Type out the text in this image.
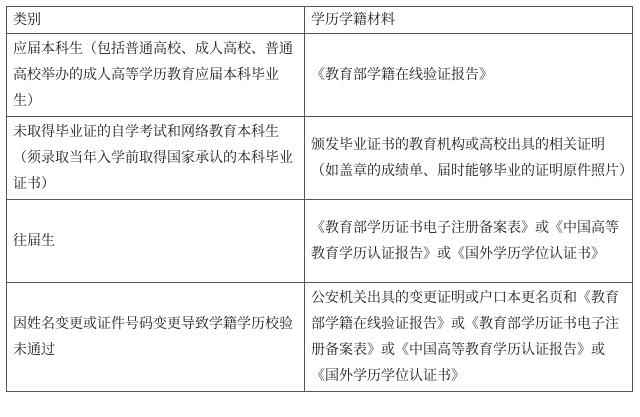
类别	学历学籍材料
应届本科生（包括普通高校、成人高校、普通高校举办的成人高等学历教育应届本科毕业生）	《教育部学籍在线验证报告》
未取得毕业证的自学考试和网络教育本科生（须录取当年入学前取得国家承认的本科毕业证书）	颁发毕业证书的教育机构或高校出具的相关证明（如盖章的成绩单、届时能够毕业的证明原件照片）
往届生	《教育部学历证书电子注册备案表》或《中国高等教育学历认证报告》或《国外学历学位认证书》
因姓名变更或证件号码变更导致学籍学历校验未通过	公安机关出具的变更证明或户口本更名页和《教育部学籍在线验证报告》或《教育部学历证书电子注册备案表》或《中国高等教育学历认证报告》或《国外学历学位认证书》
